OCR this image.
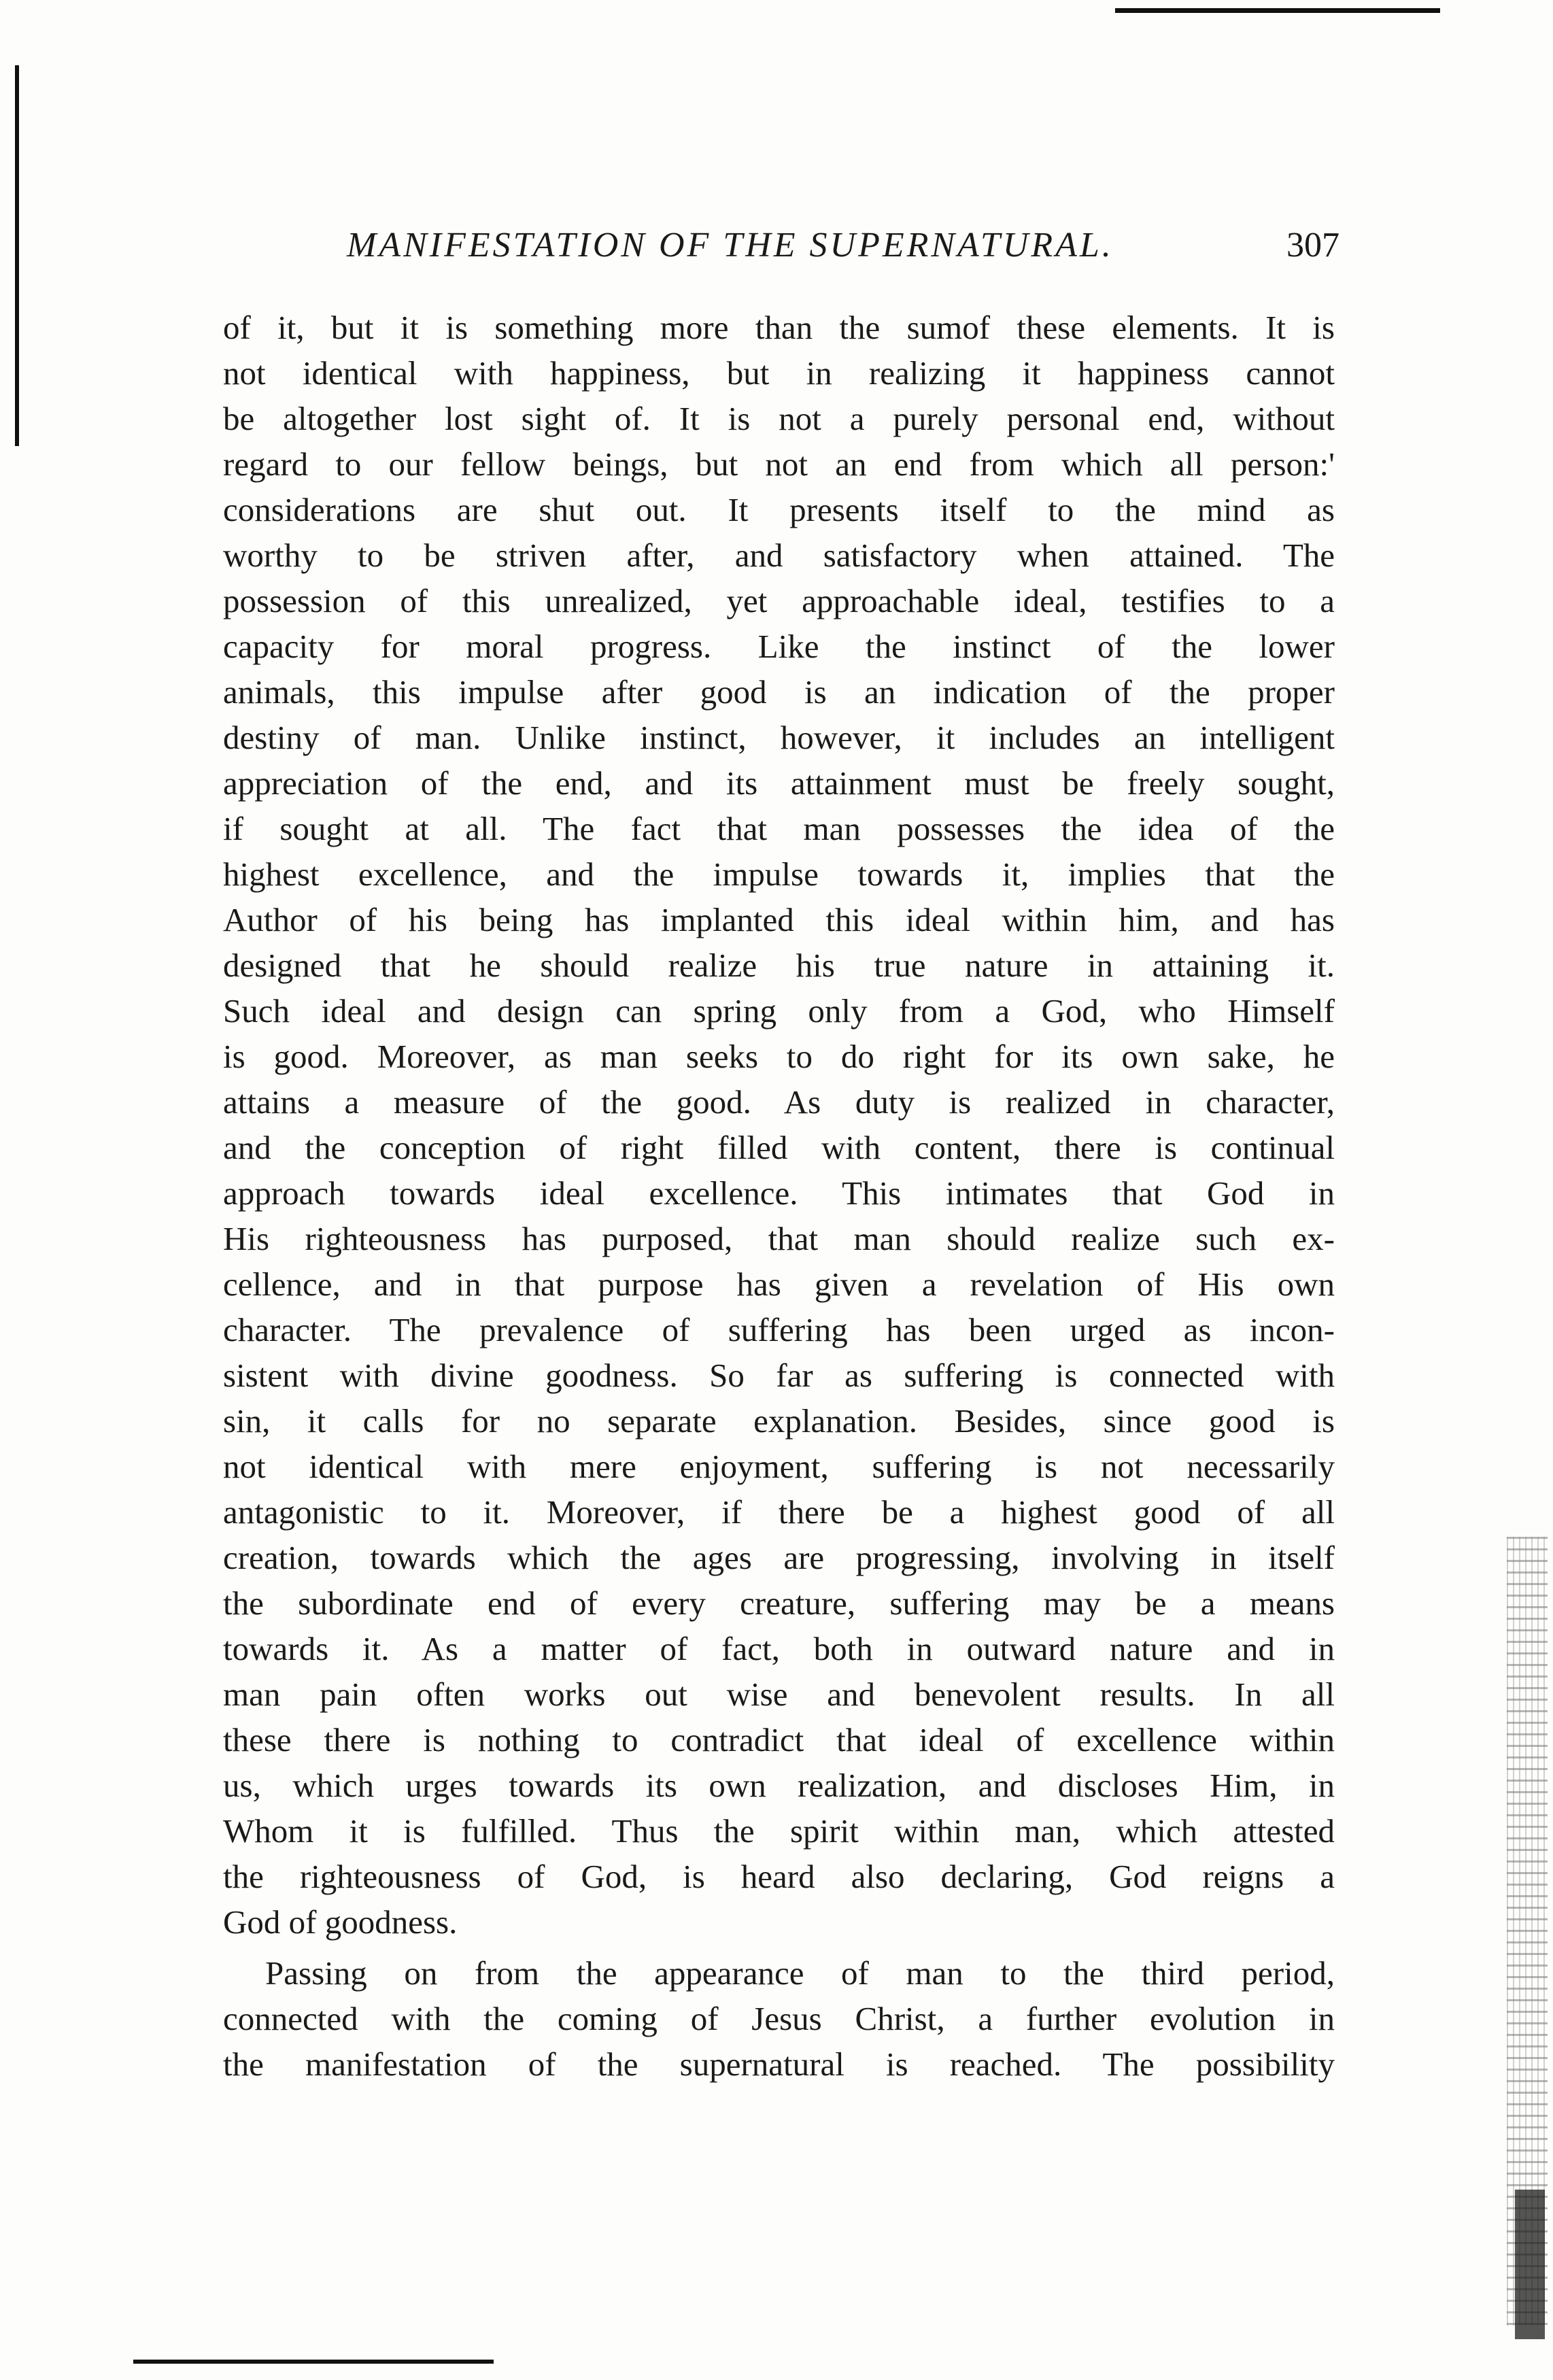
MANIFESTATION OF THE SUPERNATURAL.	307
of it, but it is something more than the sumof these elements. It is
not identical with happiness, but in realizing it happiness cannot
be altogether lost sight of. It is not a purely personal end, without
regard to our fellow beings, but not an end from which all person:'
considerations are shut out. It presents itself to the mind as
worthy to be striven after, and satisfactory when attained. The
possession of this unrealized, yet approachable ideal, testifies to a
capacity for moral progress. Like the instinct of the lower
animals, this impulse after good is an indication of the proper
destiny of man. Unlike instinct, however, it includes an intelligent
appreciation of the end, and its attainment must be freely sought,
if sought at all. The fact that man possesses the idea of the
highest excellence, and the impulse towards it, implies that the
Author of his being has implanted this ideal within him, and has
designed that he should realize his true nature in attaining it.
Such ideal and design can spring only from a God, who Himself
is good. Moreover, as man seeks to do right for its own sake, he
attains a measure of the good. As duty is realized in character,
and the conception of right filled with content, there is continual
approach towards ideal excellence. This intimates that God in
His righteousness has purposed, that man should realize such ex-
cellence, and in that purpose has given a revelation of His own
character. The prevalence of suffering has been urged as incon-
sistent with divine goodness. So far as suffering is connected with
sin, it calls for no separate explanation. Besides, since good is
not identical with mere enjoyment, suffering is not necessarily
antagonistic to it. Moreover, if there be a highest good of all
creation, towards which the ages are progressing, involving in itself
the subordinate end of every creature, suffering may be a means
towards it. As a matter of fact, both in outward nature and in
man pain often works out wise and benevolent results. In all
these there is nothing to contradict that ideal of excellence within
us, which urges towards its own realization, and discloses Him, in
Whom it is fulfilled. Thus the spirit within man, which attested
the righteousness of God, is heard also declaring, God reigns a
God of goodness.
Passing on from the appearance of man to the third period,
connected with the coming of Jesus Christ, a further evolution in
the manifestation of the supernatural is reached. The possibility
